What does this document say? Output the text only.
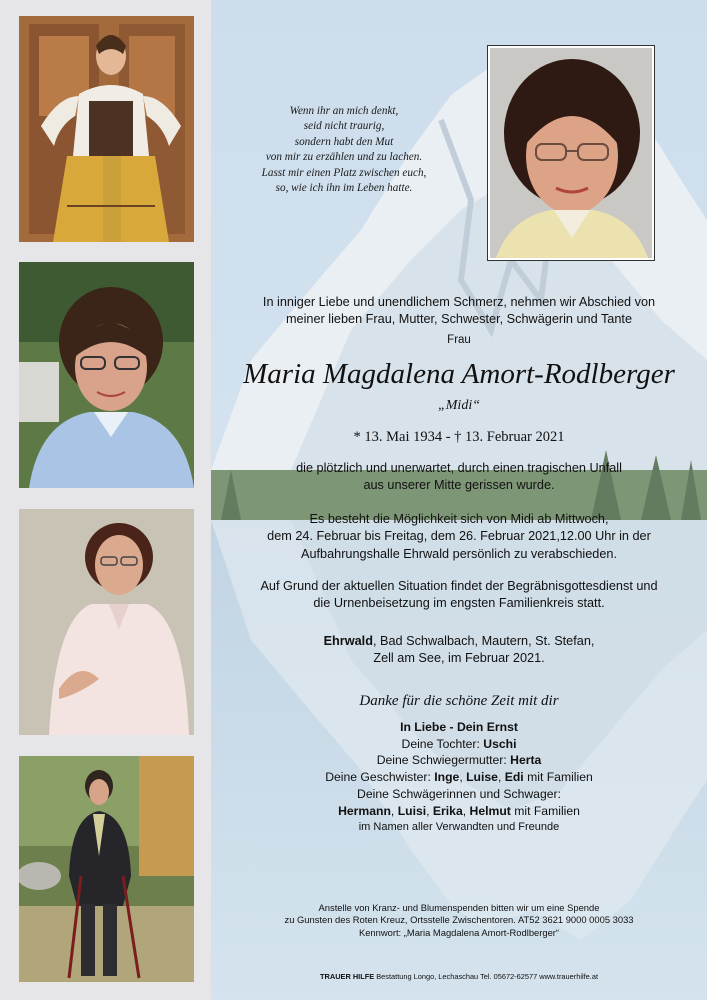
Wenn ihr an mich denkt,
seid nicht traurig,
sondern habt den Mut
von mir zu erzählen und zu lachen.
Lasst mir einen Platz zwischen euch,
so, wie ich ihn im Leben hatte.
In inniger Liebe und unendlichem Schmerz, nehmen wir Abschied von
meiner lieben Frau, Mutter, Schwester, Schwägerin und Tante
Frau
Maria Magdalena Amort-Rodlberger
„Midi“
* 13. Mai 1934 - † 13. Februar 2021
die plötzlich und unerwartet, durch einen tragischen Unfall
aus unserer Mitte gerissen wurde.
Es besteht die Möglichkeit sich von Midi ab Mittwoch,
dem 24. Februar bis Freitag, dem 26. Februar 2021,12.00 Uhr in der
Aufbahrungshalle Ehrwald persönlich zu verabschieden.
Auf Grund der aktuellen Situation findet der Begräbnisgottesdienst und
die Urnenbeisetzung im engsten Familienkreis statt.
Ehrwald, Bad Schwalbach, Mautern, St. Stefan,
Zell am See, im Februar 2021.
Danke für die schöne Zeit mit dir
In Liebe - Dein Ernst
Deine Tochter: Uschi
Deine Schwiegermutter: Herta
Deine Geschwister: Inge, Luise, Edi mit Familien
Deine Schwägerinnen und Schwager:
Hermann, Luisi, Erika, Helmut mit Familien
im Namen aller Verwandten und Freunde
Anstelle von Kranz- und Blumenspenden bitten wir um eine Spende
zu Gunsten des Roten Kreuz, Ortsstelle Zwischentoren. AT52 3621 9000 0005 3033
Kennwort: „Maria Magdalena Amort-Rodlberger“
TRAUER HILFE Bestattung Longo, Lechaschau Tel. 05672-62577 www.trauerhilfe.at
